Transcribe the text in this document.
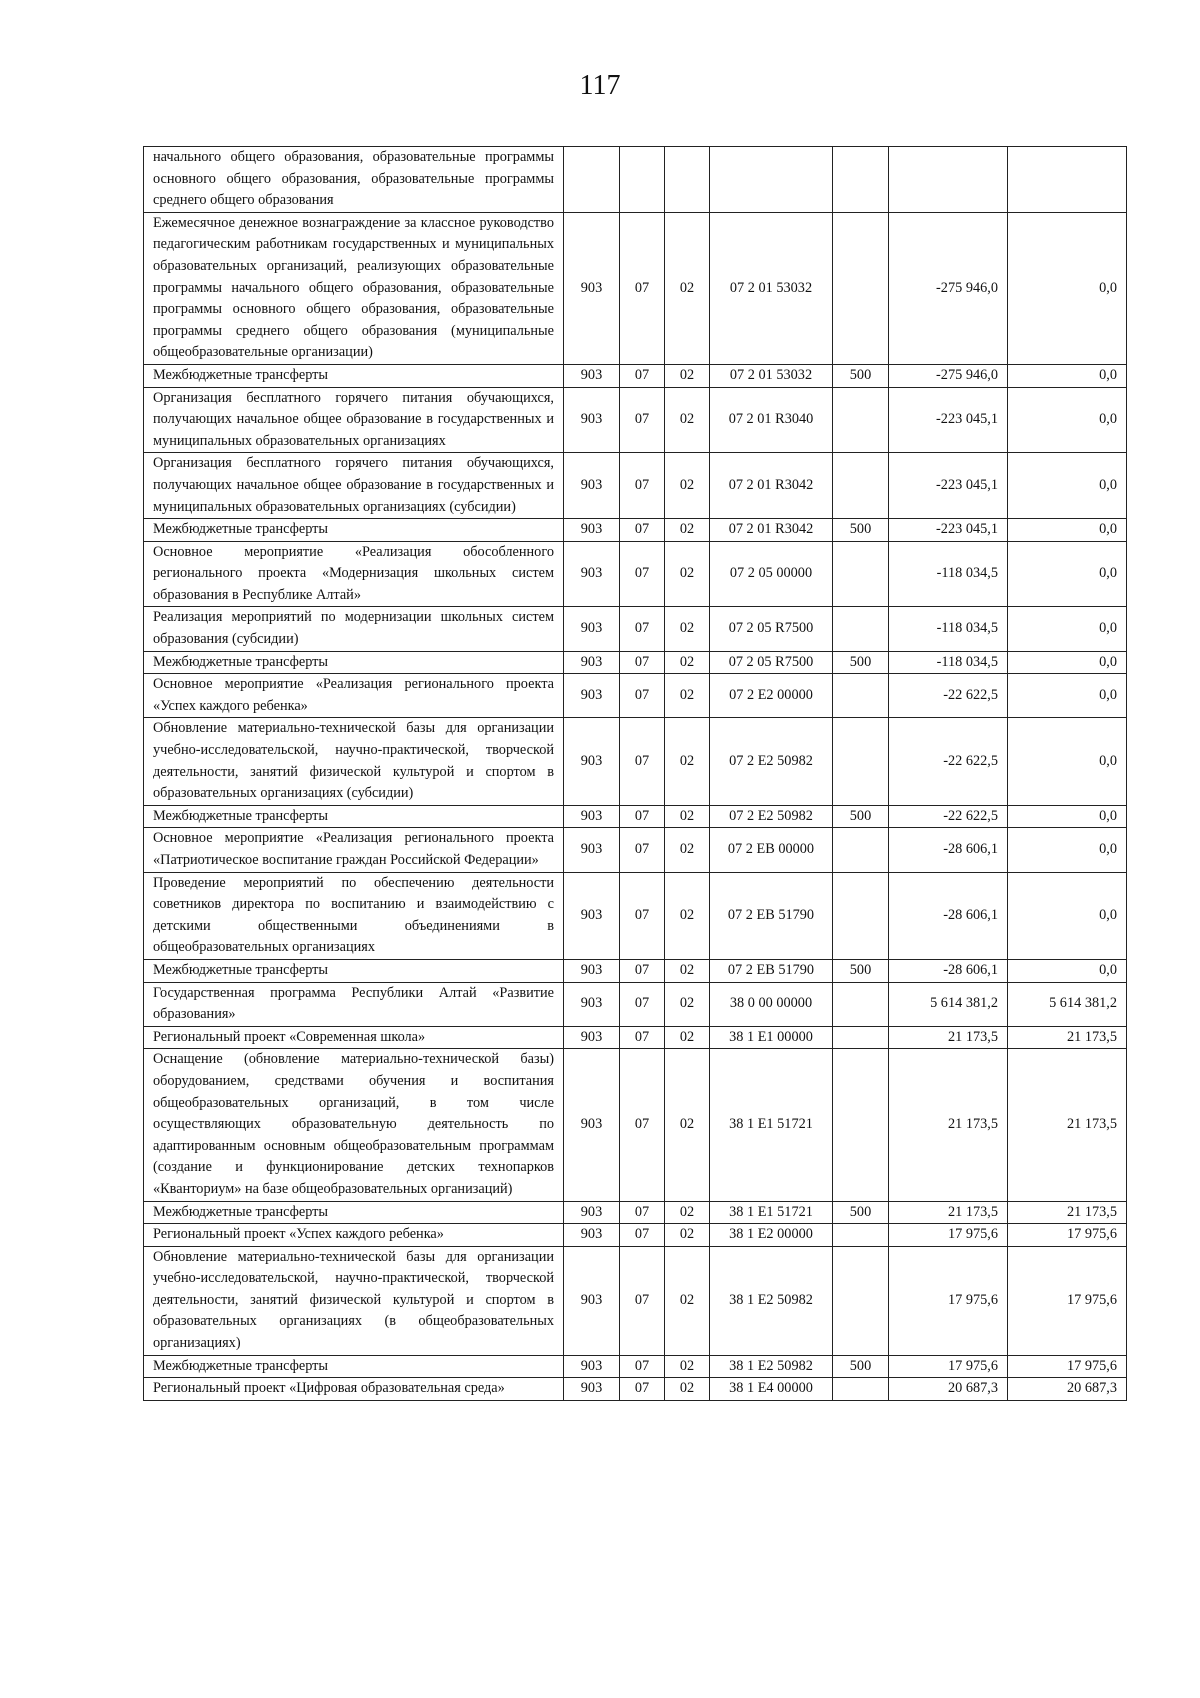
117
начального общего образования, образовательные программы основного общего образования, образовательные программы среднего общего образования							
Ежемесячное денежное вознаграждение за классное руководство педагогическим работникам государственных и муниципальных образовательных организаций, реализующих образовательные программы начального общего образования, образовательные программы основного общего образования, образовательные программы среднего общего образования (муниципальные общеобразовательные организации)	903	07	02	07 2 01 53032		-275 946,0	0,0
Межбюджетные трансферты	903	07	02	07 2 01 53032	500	-275 946,0	0,0
Организация бесплатного горячего питания обучающихся, получающих начальное общее образование в государственных и муниципальных образовательных организациях	903	07	02	07 2 01 R3040		-223 045,1	0,0
Организация бесплатного горячего питания обучающихся, получающих начальное общее образование в государственных и муниципальных образовательных организациях (субсидии)	903	07	02	07 2 01 R3042		-223 045,1	0,0
Межбюджетные трансферты	903	07	02	07 2 01 R3042	500	-223 045,1	0,0
Основное мероприятие «Реализация обособленного регионального проекта «Модернизация школьных систем образования в Республике Алтай»	903	07	02	07 2 05 00000		-118 034,5	0,0
Реализация мероприятий по модернизации школьных систем образования (субсидии)	903	07	02	07 2 05 R7500		-118 034,5	0,0
Межбюджетные трансферты	903	07	02	07 2 05 R7500	500	-118 034,5	0,0
Основное мероприятие «Реализация регионального проекта «Успех каждого ребенка»	903	07	02	07 2 E2 00000		-22 622,5	0,0
Обновление материально-технической базы для организации учебно-исследовательской, научно-практической, творческой деятельности, занятий физической культурой и спортом в образовательных организациях (субсидии)	903	07	02	07 2 E2 50982		-22 622,5	0,0
Межбюджетные трансферты	903	07	02	07 2 E2 50982	500	-22 622,5	0,0
Основное мероприятие «Реализация регионального проекта «Патриотическое воспитание граждан Российской Федерации»	903	07	02	07 2 EB 00000		-28 606,1	0,0
Проведение мероприятий по обеспечению деятельности советников директора по воспитанию и взаимодействию с детскими общественными объединениями в общеобразовательных организациях	903	07	02	07 2 EB 51790		-28 606,1	0,0
Межбюджетные трансферты	903	07	02	07 2 EB 51790	500	-28 606,1	0,0
Государственная программа Республики Алтай «Развитие образования»	903	07	02	38 0 00 00000		5 614 381,2	5 614 381,2
Региональный проект «Современная школа»	903	07	02	38 1 E1 00000		21 173,5	21 173,5
Оснащение (обновление материально-технической базы) оборудованием, средствами обучения и воспитания общеобразовательных организаций, в том числе осуществляющих образовательную деятельность по адаптированным основным общеобразовательным программам (создание и функционирование детских технопарков «Кванториум» на базе общеобразовательных организаций)	903	07	02	38 1 E1 51721		21 173,5	21 173,5
Межбюджетные трансферты	903	07	02	38 1 E1 51721	500	21 173,5	21 173,5
Региональный проект «Успех каждого ребенка»	903	07	02	38 1 E2 00000		17 975,6	17 975,6
Обновление материально-технической базы для организации учебно-исследовательской, научно-практической, творческой деятельности, занятий физической культурой и спортом в образовательных организациях (в общеобразовательных организациях)	903	07	02	38 1 E2 50982		17 975,6	17 975,6
Межбюджетные трансферты	903	07	02	38 1 E2 50982	500	17 975,6	17 975,6
Региональный проект «Цифровая образовательная среда»	903	07	02	38 1 E4 00000		20 687,3	20 687,3
